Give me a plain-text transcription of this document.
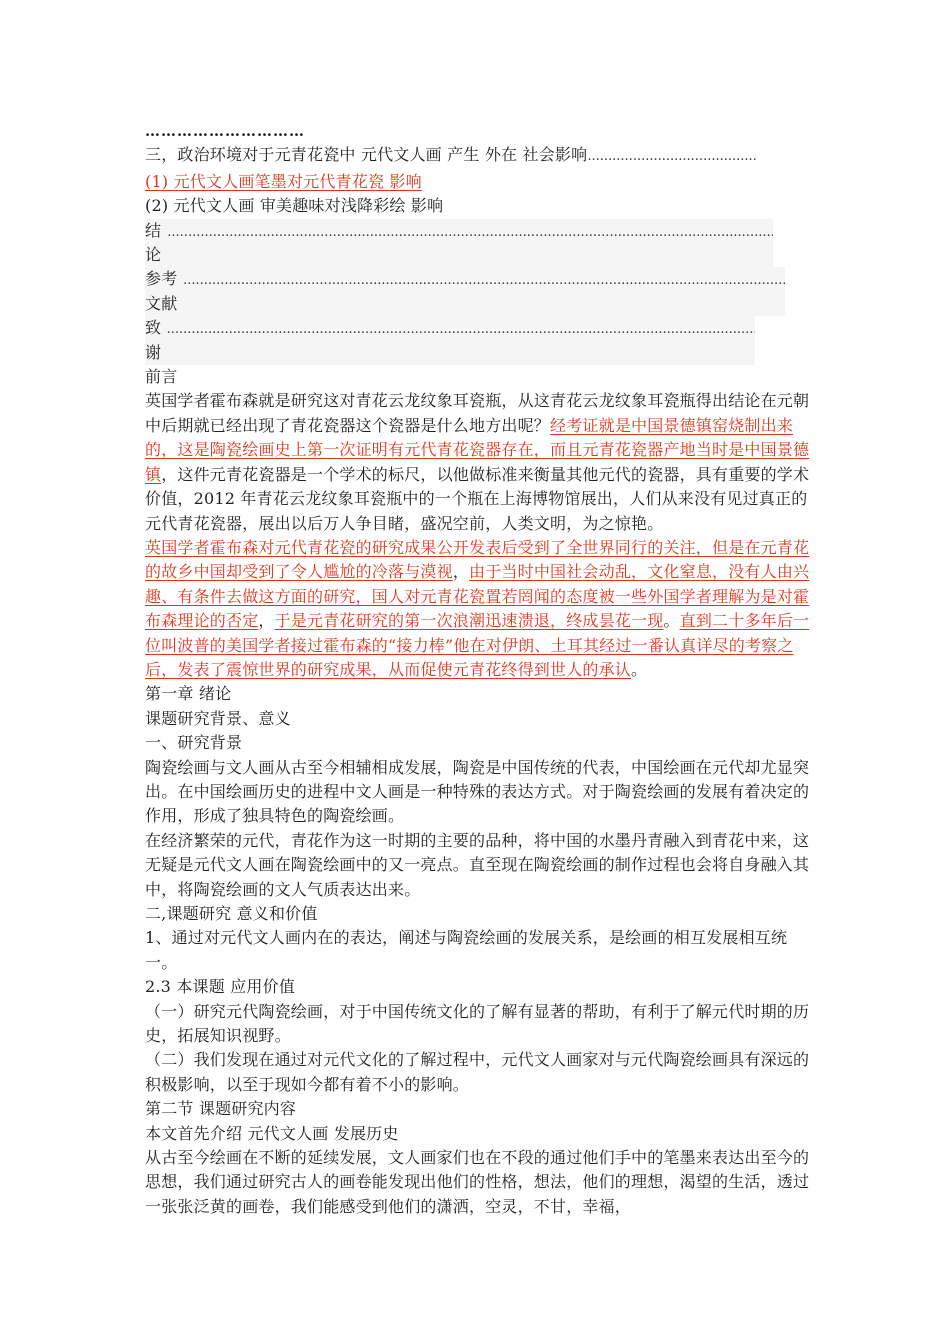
…………………………
三，政治环境对于元青花瓷中 元代文人画 产生 外在 社会影响
.....
(1) 元代文人画笔墨对元代青花瓷 影响
(2) 元代文人画 审美趣味对浅降彩绘 影响
结 论
.....
参考文献
.....
致 谢
.....
前言
英国学者霍布森就是研究这对青花云龙纹象耳瓷瓶，从这青花云龙纹象耳瓷瓶得出结论在元朝中后期就已经出现了青花瓷器这个瓷器是什么地方出呢？经考证就是中国景德镇窑烧制出来的，这是陶瓷绘画史上第一次证明有元代青花瓷器存在，而且元青花瓷器产地当时是中国景德镇，这件元青花瓷器是一个学术的标尺，以他做标准来衡量其他元代的瓷器，具有重要的学术价值，2012 年青花云龙纹象耳瓷瓶中的一个瓶在上海博物馆展出，人们从来没有见过真正的元代青花瓷器，展出以后万人争目睹，盛况空前，人类文明，为之惊艳。
英国学者霍布森对元代青花瓷的研究成果公开发表后受到了全世界同行的关注，但是在元青花的故乡中国却受到了令人尴尬的冷落与漠视，由于当时中国社会动乱，文化窒息，没有人由兴趣、有条件去做这方面的研究，国人对元青花瓷置若罔闻的态度被一些外国学者理解为是对霍布森理论的否定，于是元青花研究的第一次浪潮迅速溃退，终成昙花一现。直到二十多年后一位叫波普的美国学者接过霍布森的“接力棒”他在对伊朗、土耳其经过一番认真详尽的考察之后，发表了震惊世界的研究成果，从而促使元青花终得到世人的承认。
第一章 绪论
课题研究背景、意义
一、研究背景
陶瓷绘画与文人画从古至今相辅相成发展，陶瓷是中国传统的代表，中国绘画在元代却尤显突出。在中国绘画历史的进程中文人画是一种特殊的表达方式。对于陶瓷绘画的发展有着决定的作用，形成了独具特色的陶瓷绘画。
在经济繁荣的元代，青花作为这一时期的主要的品种，将中国的水墨丹青融入到青花中来，这无疑是元代文人画在陶瓷绘画中的又一亮点。直至现在陶瓷绘画的制作过程也会将自身融入其中，将陶瓷绘画的文人气质表达出来。
二,课题研究 意义和价值
1、通过对元代文人画内在的表达，阐述与陶瓷绘画的发展关系，是绘画的相互发展相互统一。
2.3 本课题 应用价值
（一）研究元代陶瓷绘画，对于中国传统文化的了解有显著的帮助，有利于了解元代时期的历史，拓展知识视野。
（二）我们发现在通过对元代文化的了解过程中，元代文人画家对与元代陶瓷绘画具有深远的积极影响，以至于现如今都有着不小的影响。
第二节 课题研究内容
本文首先介绍 元代文人画 发展历史
从古至今绘画在不断的延续发展，文人画家们也在不段的通过他们手中的笔墨来表达出至今的思想，我们通过研究古人的画卷能发现出他们的性格，想法，他们的理想，渴望的生活，透过一张张泛黄的画卷，我们能感受到他们的潇洒，空灵，不甘，幸福，
